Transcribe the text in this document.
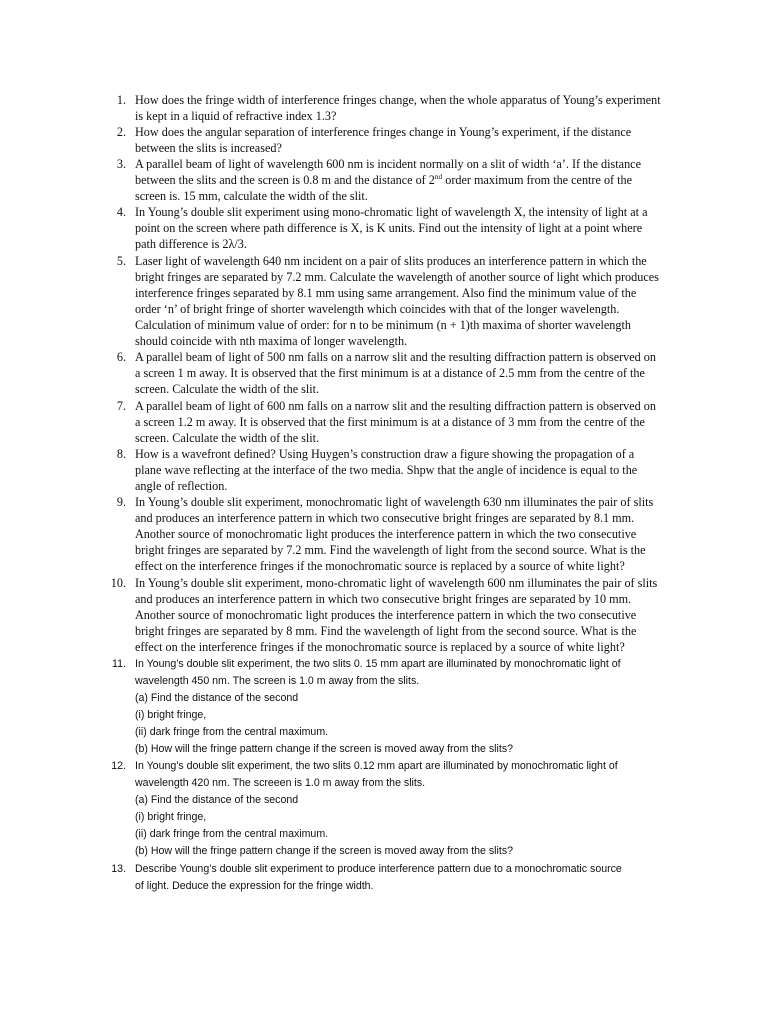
1. How does the fringe width of interference fringes change, when the whole apparatus of Young’s experiment

is kept in a liquid of refractive index 1.3?

2. How does the angular separation of interference fringes change in Young’s experiment, if the distance

between the slits is increased?

3. A parallel beam of light of wavelength 600 nm is incident normally on a slit of width ‘a’. If the distance

between the slits and the screen is 0.8 m and the distance of 2nd order maximum from the centre of the

screen is. 15 mm, calculate the width of the slit.

4. In Young’s double slit experiment using mono-chromatic light of wavelength X, the intensity of light at a

point on the screen where path difference is X, is K units. Find out the intensity of light at a point where

path difference is 2λ/3.

5. Laser light of wavelength 640 nm incident on a pair of slits produces an interference pattern in which the

bright fringes are separated by 7.2 mm. Calculate the wavelength of another source of light which produces

interference fringes separated by 8.1 mm using same arrangement. Also find the minimum value of the

order ‘n’ of bright fringe of shorter wavelength which coincides with that of the longer wavelength.

Calculation of minimum value of order: for n to be minimum (n + 1)th maxima of shorter wavelength

should coincide with nth maxima of longer wavelength.

6. A parallel beam of light of 500 nm falls on a narrow slit and the resulting diffraction pattern is observed on

a screen 1 m away. It is observed that the first minimum is at a distance of 2.5 mm from the centre of the

screen. Calculate the width of the slit.

7. A parallel beam of light of 600 nm falls on a narrow slit and the resulting diffraction pattern is observed on

a screen 1.2 m away. It is observed that the first minimum is at a distance of 3 mm from the centre of the

screen. Calculate the width of the slit.

8. How is a wavefront defined? Using Huygen’s construction draw a figure showing the propagation of a

plane wave reflecting at the interface of the two media. Shpw that the angle of incidence is equal to the

angle of reflection.

9. In Young’s double slit experiment, monochromatic light of wavelength 630 nm illuminates the pair of slits

and produces an interference pattern in which two consecutive bright fringes are separated by 8.1 mm.

Another source of monochromatic light produces the interference pattern in which the two consecutive

bright fringes are separated by 7.2 mm. Find the wavelength of light from the second source. What is the

effect on the interference fringes if the monochromatic source is replaced by a source of white light?

10. In Young’s double slit experiment, mono-chromatic light of wavelength 600 nm illuminates the pair of slits

and produces an interference pattern in which two consecutive bright fringes are separated by 10 mm.

Another source of monochromatic light produces the interference pattern in which the two consecutive

bright fringes are separated by 8 mm. Find the wavelength of light from the second source. What is the

effect on the interference fringes if the monochromatic source is replaced by a source of white light?

11. In Young’s double slit experiment, the two slits 0. 15 mm apart are illuminated by monochromatic light of

wavelength 450 nm. The screen is 1.0 m away from the slits.

(a) Find the distance of the second

(i) bright fringe,

(ii) dark fringe from the central maximum.

(b) How will the fringe pattern change if the screen is moved away from the slits?

12. In Young’s double slit experiment, the two slits 0.12 mm apart are illuminated by monochromatic light of

wavelength 420 nm. The screeen is 1.0 m away from the slits.

(a) Find the distance of the second

(i) bright fringe,

(ii) dark fringe from the central maximum.

(b) How will the fringe pattern change if the screen is moved away from the slits?

13. Describe Young’s double slit experiment to produce interference pattern due to a monochromatic source

of light. Deduce the expression for the fringe width.
